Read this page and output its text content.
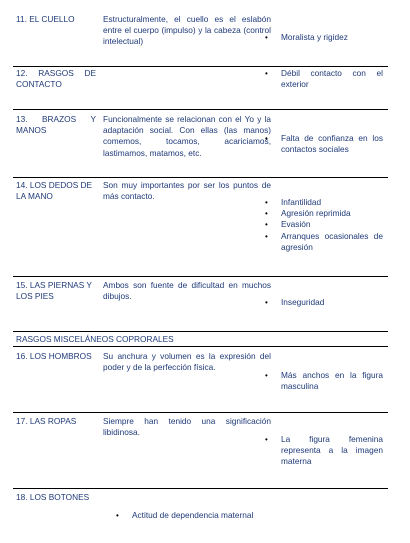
11. EL CUELLO	Estructuralmente, el cuello es el eslabón entre el cuerpo (impulso) y la cabeza (control intelectual)
•	Moralista y rigidez
12. RASGOS DE CONTACTO
• Débil contacto con el exterior
13. BRAZOS Y MANOS
Funcionalmente se relacionan con el Yo y la adaptación social. Con ellas (las manos) comemos, tocamos, acariciamos, lastimamos, matamos, etc.
• Falta de confianza en los contactos sociales
14. LOS DEDOS DE LA MANO
Son muy importantes por ser los puntos de más contacto.
• Infantilidad
• Agresión reprimida
• Evasión
• Arranques ocasionales de agresión
15. LAS PIERNAS Y LOS PIES
Ambos son fuente de dificultad en muchos dibujos.
• Inseguridad
RASGOS MISCELÁNEOS COPRORALES
16. LOS HOMBROS	Su anchura y volumen es la expresión del poder y de la perfección física.
• Más anchos en la figura masculina
17. LAS ROPAS	Siempre han tenido una significación libidinosa.
• La figura femenina representa a la imagen materna
18. LOS BOTONES
• Actitud de dependencia maternal
